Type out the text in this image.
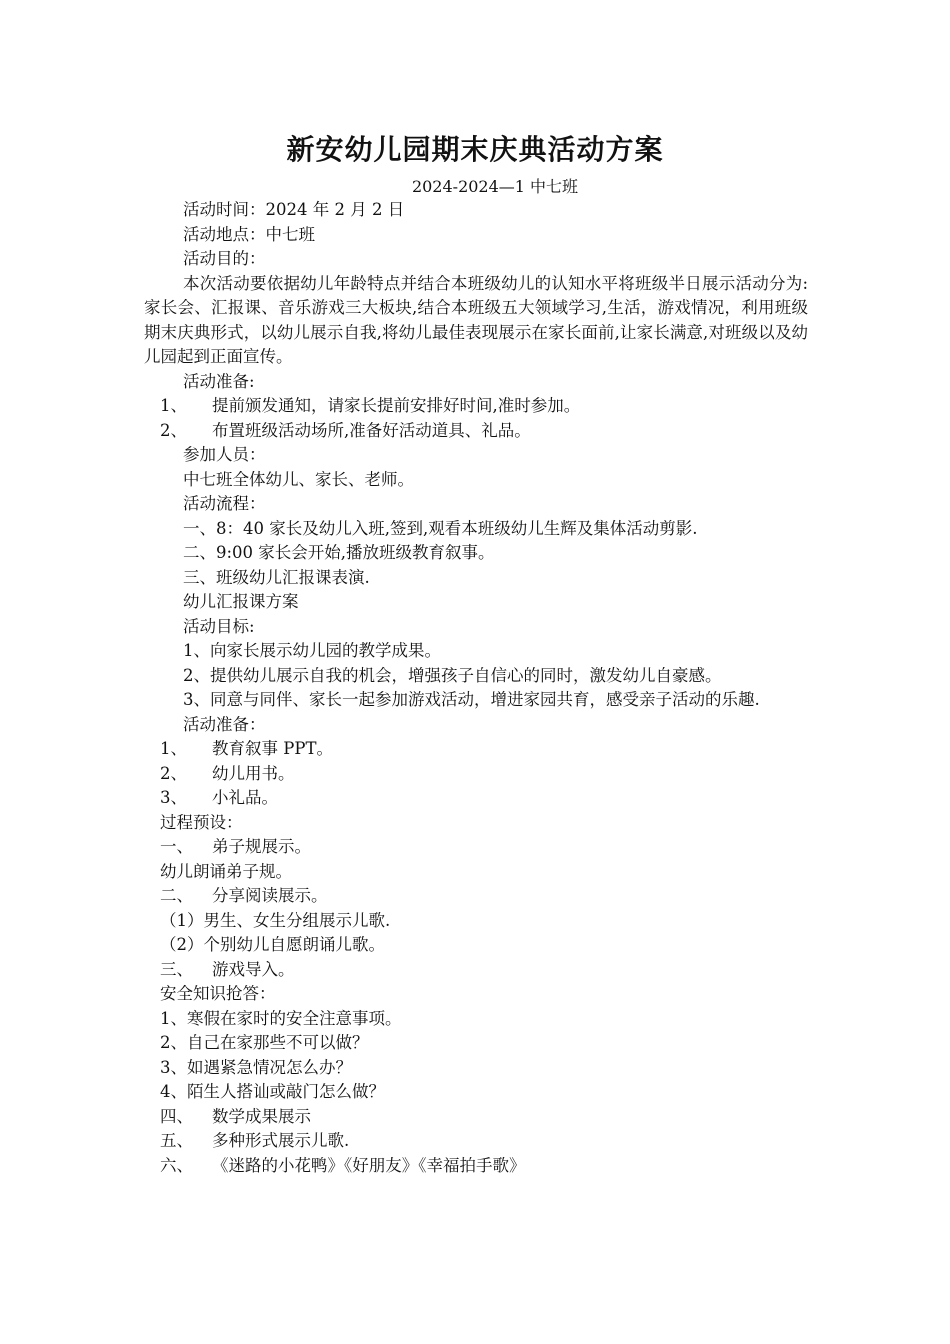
新安幼儿园期末庆典活动方案
2024-2024—1 中七班

活动时间：2024 年 2 月 2 日

活动地点：中七班

活动目的：

本次活动要依据幼儿年龄特点并结合本班级幼儿的认知水平将班级半日展示活动分为:家长会、汇报课、音乐游戏三大板块,结合本班级五大领域学习,生活，游戏情况，利用班级期末庆典形式，以幼儿展示自我,将幼儿最佳表现展示在家长面前,让家长满意,对班级以及幼儿园起到正面宣传。

活动准备:

1、 提前颁发通知，请家长提前安排好时间,准时参加。

2、 布置班级活动场所,准备好活动道具、礼品。

参加人员：

中七班全体幼儿、家长、老师。

活动流程：

一、8：40 家长及幼儿入班,签到,观看本班级幼儿生辉及集体活动剪影.

二、9:00 家长会开始,播放班级教育叙事。

三、班级幼儿汇报课表演.

幼儿汇报课方案

活动目标:

1、向家长展示幼儿园的教学成果。

2、提供幼儿展示自我的机会，增强孩子自信心的同时，激发幼儿自豪感。

3、同意与同伴、家长一起参加游戏活动，增进家园共育，感受亲子活动的乐趣.

活动准备：

1、 教育叙事 PPT。

2、 幼儿用书。

3、 小礼品。

过程预设：

一、 弟子规展示。

幼儿朗诵弟子规。

二、 分享阅读展示。

（1）男生、女生分组展示儿歌.

（2）个别幼儿自愿朗诵儿歌。

三、 游戏导入。

安全知识抢答：

1、寒假在家时的安全注意事项。

2、自己在家那些不可以做？

3、如遇紧急情况怎么办？

4、陌生人搭讪或敲门怎么做？

四、 数学成果展示

五、 多种形式展示儿歌.

六、 《迷路的小花鸭》《好朋友》《幸福拍手歌》
